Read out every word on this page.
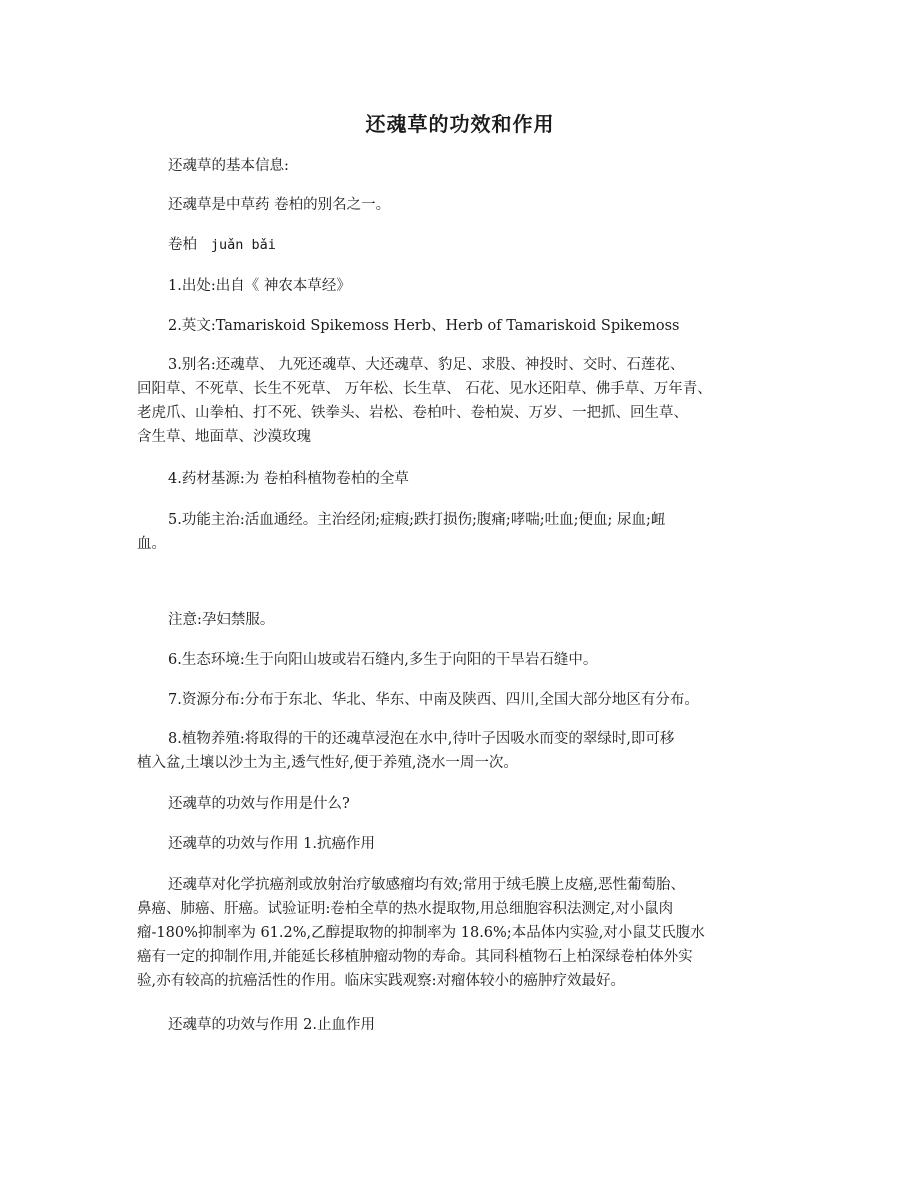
还魂草的功效和作用

还魂草的基本信息:

还魂草是中草药 卷柏的别名之一。

卷柏 juǎn bǎi

1.出处:出自《 神农本草经》

2.英文:Tamariskoid Spikemoss Herb、Herb of Tamariskoid Spikemoss

3.别名:还魂草、 九死还魂草、大还魂草、豹足、求股、神投时、交时、石莲花、
回阳草、不死草、长生不死草、 万年松、长生草、 石花、见水还阳草、佛手草、万年青、
老虎爪、山拳柏、打不死、铁拳头、岩松、卷柏叶、卷柏炭、万岁、一把抓、回生草、
含生草、地面草、沙漠玫瑰

4.药材基源:为 卷柏科植物卷柏的全草

5.功能主治:活血通经。主治经闭;症瘕;跌打损伤;腹痛;哮喘;吐血;便血; 尿血;衄
血。

注意:孕妇禁服。

6.生态环境:生于向阳山坡或岩石缝内,多生于向阳的干旱岩石缝中。

7.资源分布:分布于东北、华北、华东、中南及陕西、四川,全国大部分地区有分布。

8.植物养殖:将取得的干的还魂草浸泡在水中,待叶子因吸水而变的翠绿时,即可移
植入盆,土壤以沙土为主,透气性好,便于养殖,浇水一周一次。

还魂草的功效与作用是什么?

还魂草的功效与作用 1.抗癌作用

还魂草对化学抗癌剂或放射治疗敏感瘤均有效;常用于绒毛膜上皮癌,恶性葡萄胎、
鼻癌、肺癌、肝癌。试验证明:卷柏全草的热水提取物,用总细胞容积法测定,对小鼠肉
瘤-180%抑制率为 61.2%,乙醇提取物的抑制率为 18.6%;本品体内实验,对小鼠艾氏腹水
癌有一定的抑制作用,并能延长移植肿瘤动物的寿命。其同科植物石上柏深绿卷柏体外实
验,亦有较高的抗癌活性的作用。临床实践观察:对瘤体较小的癌肿疗效最好。

还魂草的功效与作用 2.止血作用
